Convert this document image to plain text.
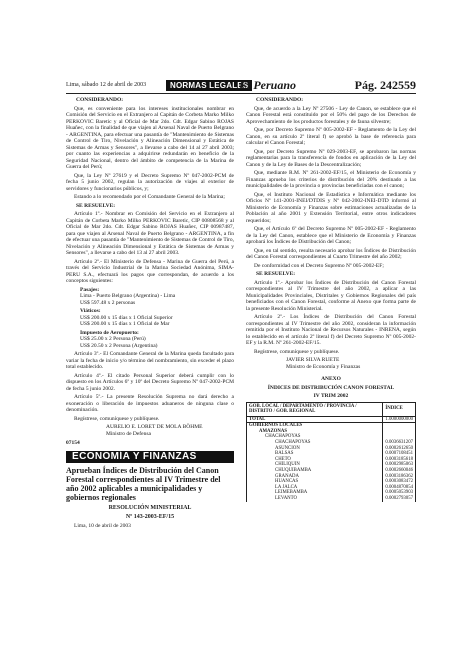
Lima, sábado 12 de abril de 2003	NORMAS LEGALES
El Peruano	Pág. 242559

CONSIDERANDO:

Que, es conveniente para los intereses institucionales nombrar en Comisión del Servicio en el Extranjero al Capitán de Corbeta Marko Milko PERKOVIC Baretic y al Oficial de Mar 2do. Cdt. Edgar Sabino ROJAS Huañec, con la finalidad de que viajen al Arsenal Naval de Puerto Belgrano - ARGENTINA, para efectuar una pasantía de "Mantenimiento de Sistemas de Control de Tiro, Nivelación y Alineación Dimensional y Estática de Sistemas de Armas y Sensores", a llevarse a cabo del 14 al 27 abril 2003; por cuanto las experiencias a adquirirse redundarán en beneficio de la Seguridad Nacional, dentro del ámbito de competencia de la Marina de Guerra del Perú;

Que, la Ley Nº 27619 y el Decreto Supremo Nº 047-2002-PCM de fecha 5 junio 2002, regulan la autorización de viajes al exterior de servidores y funcionarios públicos, y;

Estando a lo recomendado por el Comandante General de la Marina;

SE RESUELVE:

Artículo 1º.- Nombrar en Comisión del Servicio en el Extranjero al Capitán de Corbeta Marko Milko PERKOVIC Baretic, CIP 00808568 y al Oficial de Mar 2do. Cdt. Edgar Sabino ROJAS Huañec, CIP 00987487, para que viajen al Arsenal Naval de Puerto Belgrano - ARGENTINA, a fin de efectuar una pasantía de "Mantenimiento de Sistemas de Control de Tiro, Nivelación y Alineación Dimensional y Estática de Sistemas de Armas y Sensores", a llevarse a cabo del 13 al 27 abril 2003.

Artículo 2º.- El Ministerio de Defensa - Marina de Guerra del Perú, a través del Servicio Industrial de la Marina Sociedad Anónima, SIMA-PERU S.A., efectuará los pagos que correspondan, de acuerdo a los conceptos siguientes:

Pasajes:
Lima - Puerto Belgrano (Argentina) - Lima
US$ 597.48 x 2 personas
Viáticos:
US$ 200.00 x 15 días x 1 Oficial Superior
US$ 200.00 x 15 días x 1 Oficial de Mar
Impuesto de Aeropuerto:
US$ 25.00 x 2 Persona (Perú)
US$ 20.50 x 2 Persona (Argentina)

Artículo 3º.- El Comandante General de la Marina queda facultado para variar la fecha de inicio y/o término del nombramiento, sin exceder el plazo total establecido.

Artículo 4º.- El citado Personal Superior deberá cumplir con lo dispuesto en los Artículos 6º y 10º del Decreto Supremo Nº 047-2002-PCM de fecha 5 junio 2002.

Artículo 5º.- La presente Resolución Suprema no dará derecho a exoneración o liberación de impuestos aduaneros de ninguna clase o denominación.

Regístrese, comuníquese y publíquese.

AURELIO E. LORET DE MOLA BÖHME

Ministro de Defensa

07154

ECONOMÍA Y FINANZAS

Aprueban Índices de Distribución del Canon Forestal correspondientes al IV Trimestre del año 2002 aplicables a municipalidades y gobiernos regionales

RESOLUCIÓN MINISTERIAL

Nº 143-2003-EF/15

Lima, 10 de abril de 2003

CONSIDERANDO:

Que, de acuerdo a la Ley Nº 27506 - Ley de Canon, se establece que el Canon Forestal está constituido por el 50% del pago de los Derechos de Aprovechamiento de los productos forestales y de fauna silvestre;

Que, por Decreto Supremo Nº 005-2002-EF - Reglamento de la Ley del Canon, en su artículo 2º literal f) se aprobó la base de referencia para calcular el Canon Forestal;

Que, por Decreto Supremo Nº 029-2003-EF, se aprobaron las normas reglamentarias para la transferencia de fondos en aplicación de la Ley del Canon y de la Ley de Bases de la Descentralización;

Que, mediante R.M. Nº 261-2002-EF/15, el Ministerio de Economía y Finanzas aprueba los criterios de distribución del 20% destinado a las municipalidades de la provincia o provincias beneficiadas con el canon;

Que, el Instituto Nacional de Estadística e Informática mediante los Oficios Nº 141-2001-INEI/DTDIS y Nº 042-2002-INEI-DTD informó al Ministerio de Economía y Finanzas sobre estimaciones actualizadas de la Población al año 2001 y Extensión Territorial, entre otros indicadores requeridos;

Que, el Artículo 6º del Decreto Supremo Nº 005-2002-EF - Reglamento de la Ley del Canon, establece que el Ministerio de Economía y Finanzas aprobará los Índices de Distribución del Canon;

Que, en tal sentido, resulta necesario aprobar los Índices de Distribución del Canon Forestal correspondientes al Cuarto Trimestre del año 2002;

De conformidad con el Decreto Supremo Nº 005-2002-EF;

SE RESUELVE:

Artículo 1º.- Aprobar los Índices de Distribución del Canon Forestal correspondientes al IV Trimestre del año 2002, a aplicar a las Municipalidades Provinciales, Distritales y Gobiernos Regionales del país beneficiados con el Canon Forestal, conforme al Anexo que forma parte de la presente Resolución Ministerial.

Artículo 2º.- Los Índices de Distribución del Canon Forestal correspondientes al IV Trimestre del año 2002, consideran la información remitida por el Instituto Nacional de Recursos Naturales - INRENA, según lo establecido en el artículo 2º literal f) del Decreto Supremo Nº 005-2002-EF y la R.M. Nº 261-2002-EF/15.

Regístrese, comuníquese y publíquese.

JAVIER SILVA RUETE

Ministro de Economía y Finanzas

ANEXO

ÍNDICES DE DISTRIBUCIÓN CANON FORESTAL

IV TRIM 2002

GOB. LOCAL / DEPARTAMENTO / PROVINCIA / DISTRITO / GOB. REGIONAL	ÍNDICE
TOTAL	1.0000000000
GOBIERNOS LOCALES	
AMAZONAS	
CHACHAPOYAS	
CHACHAPOYAS	0.0036631207
ASUNCION	0.0002612650
BALSAS	0.0007108451
CHETO	0.0003185618
CHILIQUIN	0.0002985063
CHUQUIBAMBA	0.0002660046
GRANADA	0.0003186362
HUANCAS	0.0003083472
LA JALCA	0.0004870854
LEIMEBAMBA	0.0005053903
LEVANTO	0.0002793057
